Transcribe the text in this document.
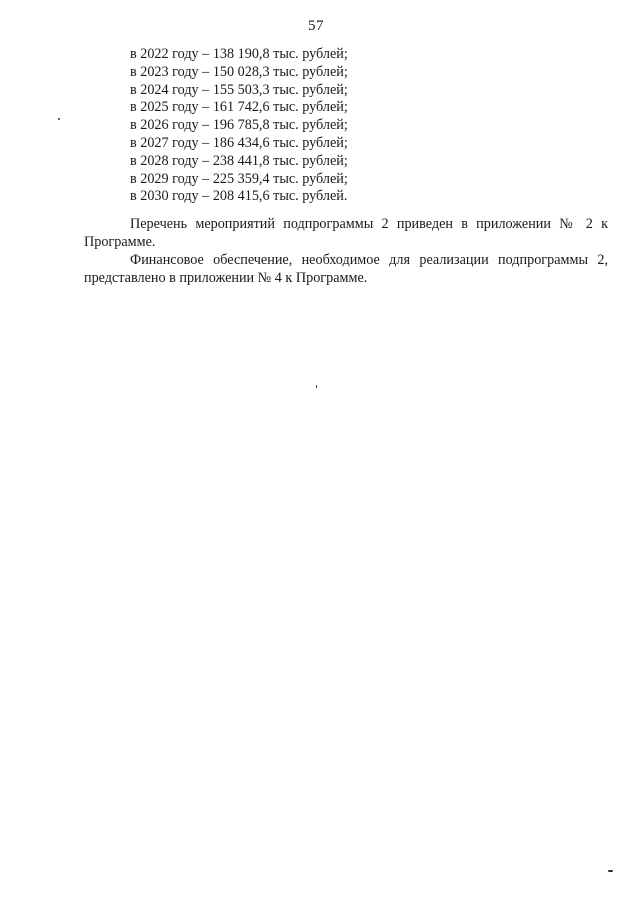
57
в 2022 году – 138 190,8 тыс. рублей;
в 2023 году – 150 028,3 тыс. рублей;
в 2024 году – 155 503,3 тыс. рублей;
в 2025 году – 161 742,6 тыс. рублей;
в 2026 году – 196 785,8 тыс. рублей;
в 2027 году – 186 434,6 тыс. рублей;
в 2028 году – 238 441,8 тыс. рублей;
в 2029 году – 225 359,4 тыс. рублей;
в 2030 году – 208 415,6 тыс. рублей.

Перечень мероприятий подпрограммы 2 приведен в приложении № 2 к Программе.

Финансовое обеспечение, необходимое для реализации подпрограммы 2, представлено в приложении № 4 к Программе.
